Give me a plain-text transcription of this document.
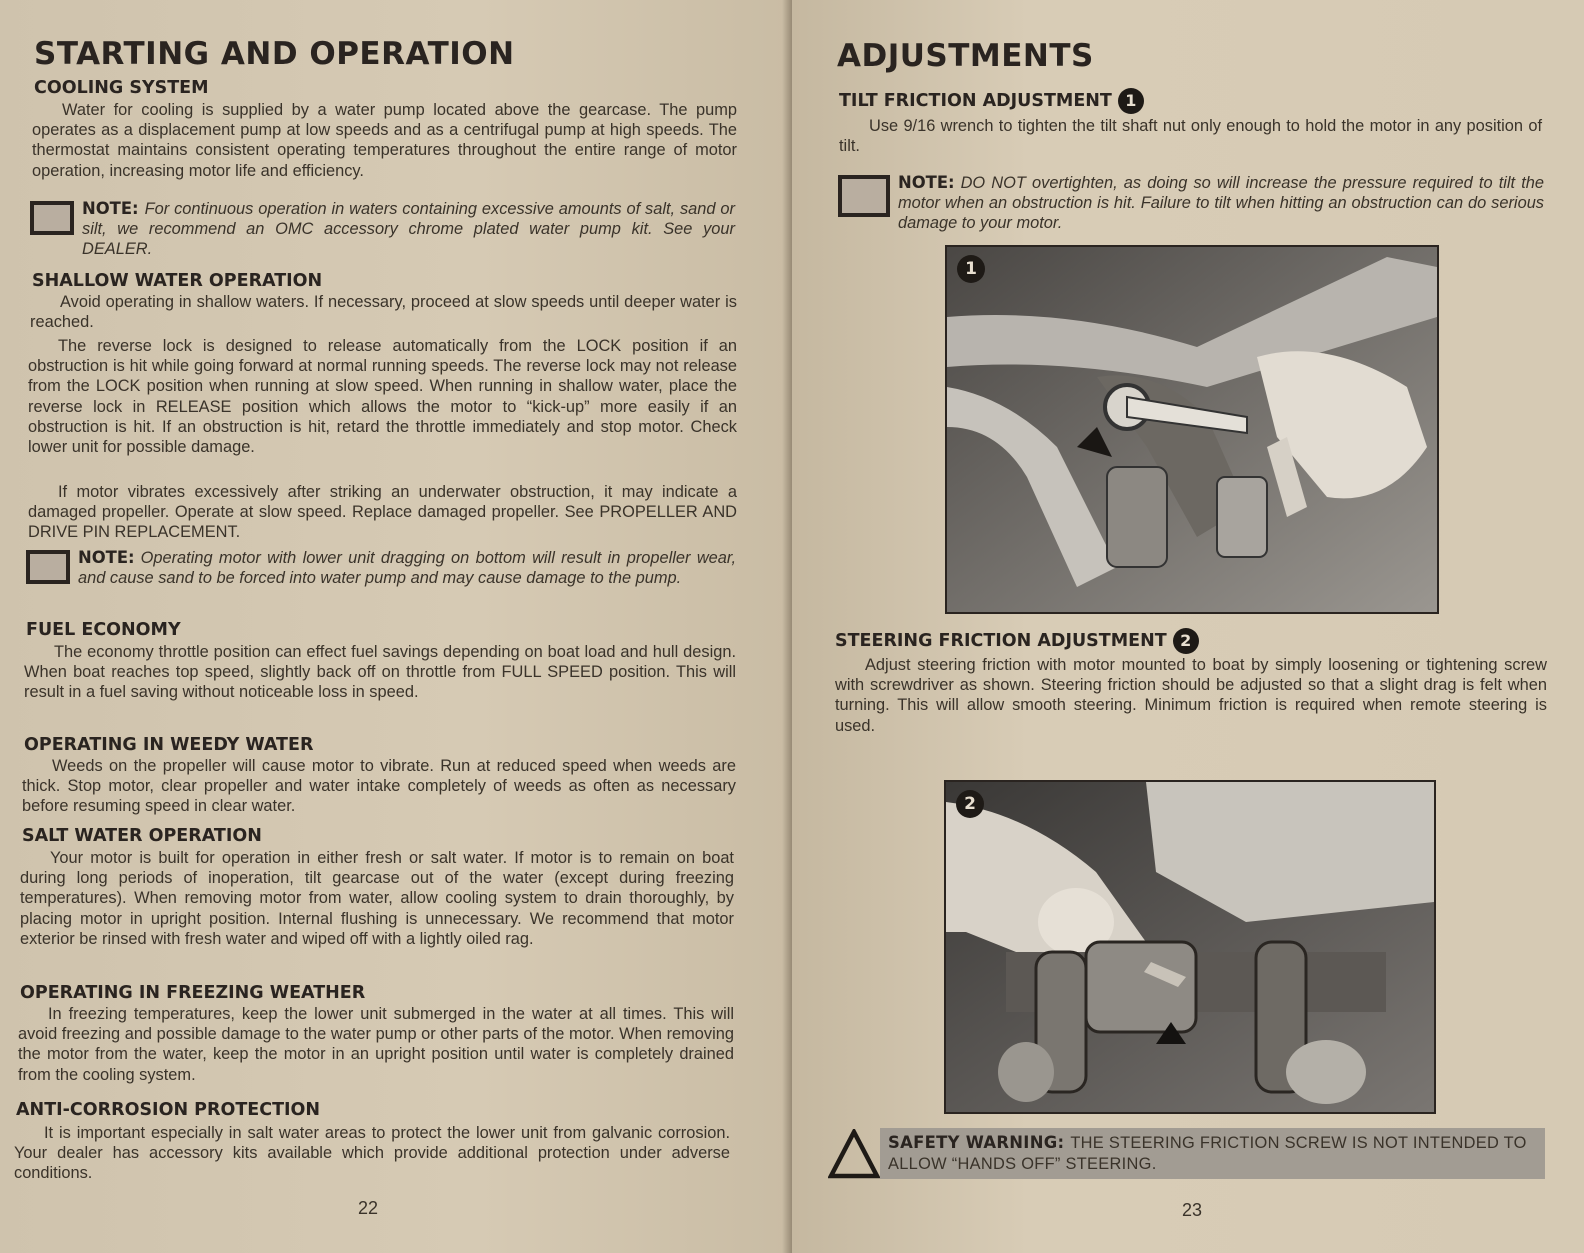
STARTING AND OPERATION
COOLING SYSTEM
Water for cooling is supplied by a water pump located above the gearcase. The pump operates as a displacement pump at low speeds and as a centrifugal pump at high speeds. The thermostat maintains consistent operating temperatures throughout the entire range of motor operation, increasing motor life and efficiency.
NOTE: For continuous operation in waters containing excessive amounts of salt, sand or silt, we recommend an OMC accessory chrome plated water pump kit. See your DEALER.
SHALLOW WATER OPERATION
Avoid operating in shallow waters. If necessary, proceed at slow speeds until deeper water is reached.
The reverse lock is designed to release automatically from the LOCK position if an obstruction is hit while going forward at normal running speeds. The reverse lock may not release from the LOCK position when running at slow speed. When running in shallow water, place the reverse lock in RELEASE position which allows the motor to “kick-up” more easily if an obstruction is hit. If an obstruction is hit, retard the throttle immediately and stop motor. Check lower unit for possible damage.
If motor vibrates excessively after striking an underwater obstruction, it may indicate a damaged propeller. Operate at slow speed. Replace damaged propeller. See PROPELLER AND DRIVE PIN REPLACEMENT.
NOTE: Operating motor with lower unit dragging on bottom will result in propeller wear, and cause sand to be forced into water pump and may cause damage to the pump.
FUEL ECONOMY
The economy throttle position can effect fuel savings depending on boat load and hull design. When boat reaches top speed, slightly back off on throttle from FULL SPEED position. This will result in a fuel saving without noticeable loss in speed.
OPERATING IN WEEDY WATER
Weeds on the propeller will cause motor to vibrate. Run at reduced speed when weeds are thick. Stop motor, clear propeller and water intake completely of weeds as often as necessary before resuming speed in clear water.
SALT WATER OPERATION
Your motor is built for operation in either fresh or salt water. If motor is to remain on boat during long periods of inoperation, tilt gearcase out of the water (except during freezing temperatures). When removing motor from water, allow cooling system to drain thoroughly, by placing motor in upright position. Internal flushing is unnecessary. We recommend that motor exterior be rinsed with fresh water and wiped off with a lightly oiled rag.
OPERATING IN FREEZING WEATHER
In freezing temperatures, keep the lower unit submerged in the water at all times. This will avoid freezing and possible damage to the water pump or other parts of the motor. When removing the motor from the water, keep the motor in an upright position until water is completely drained from the cooling system.
ANTI-CORROSION PROTECTION
It is important especially in salt water areas to protect the lower unit from galvanic corrosion. Your dealer has accessory kits available which provide additional protection under adverse conditions.
22
ADJUSTMENTS
TILT FRICTION ADJUSTMENT 1
Use 9/16 wrench to tighten the tilt shaft nut only enough to hold the motor in any position of tilt.
NOTE: DO NOT overtighten, as doing so will increase the pressure required to tilt the motor when an obstruction is hit. Failure to tilt when hitting an obstruction can do serious damage to your motor.
1
STEERING FRICTION ADJUSTMENT 2
Adjust steering friction with motor mounted to boat by simply loosening or tightening screw with screwdriver as shown. Steering friction should be adjusted so that a slight drag is felt when turning. This will allow smooth steering. Minimum friction is required when remote steering is used.
2
SAFETY WARNING: THE STEERING FRICTION SCREW IS NOT INTENDED TO ALLOW “HANDS OFF” STEERING.
23
